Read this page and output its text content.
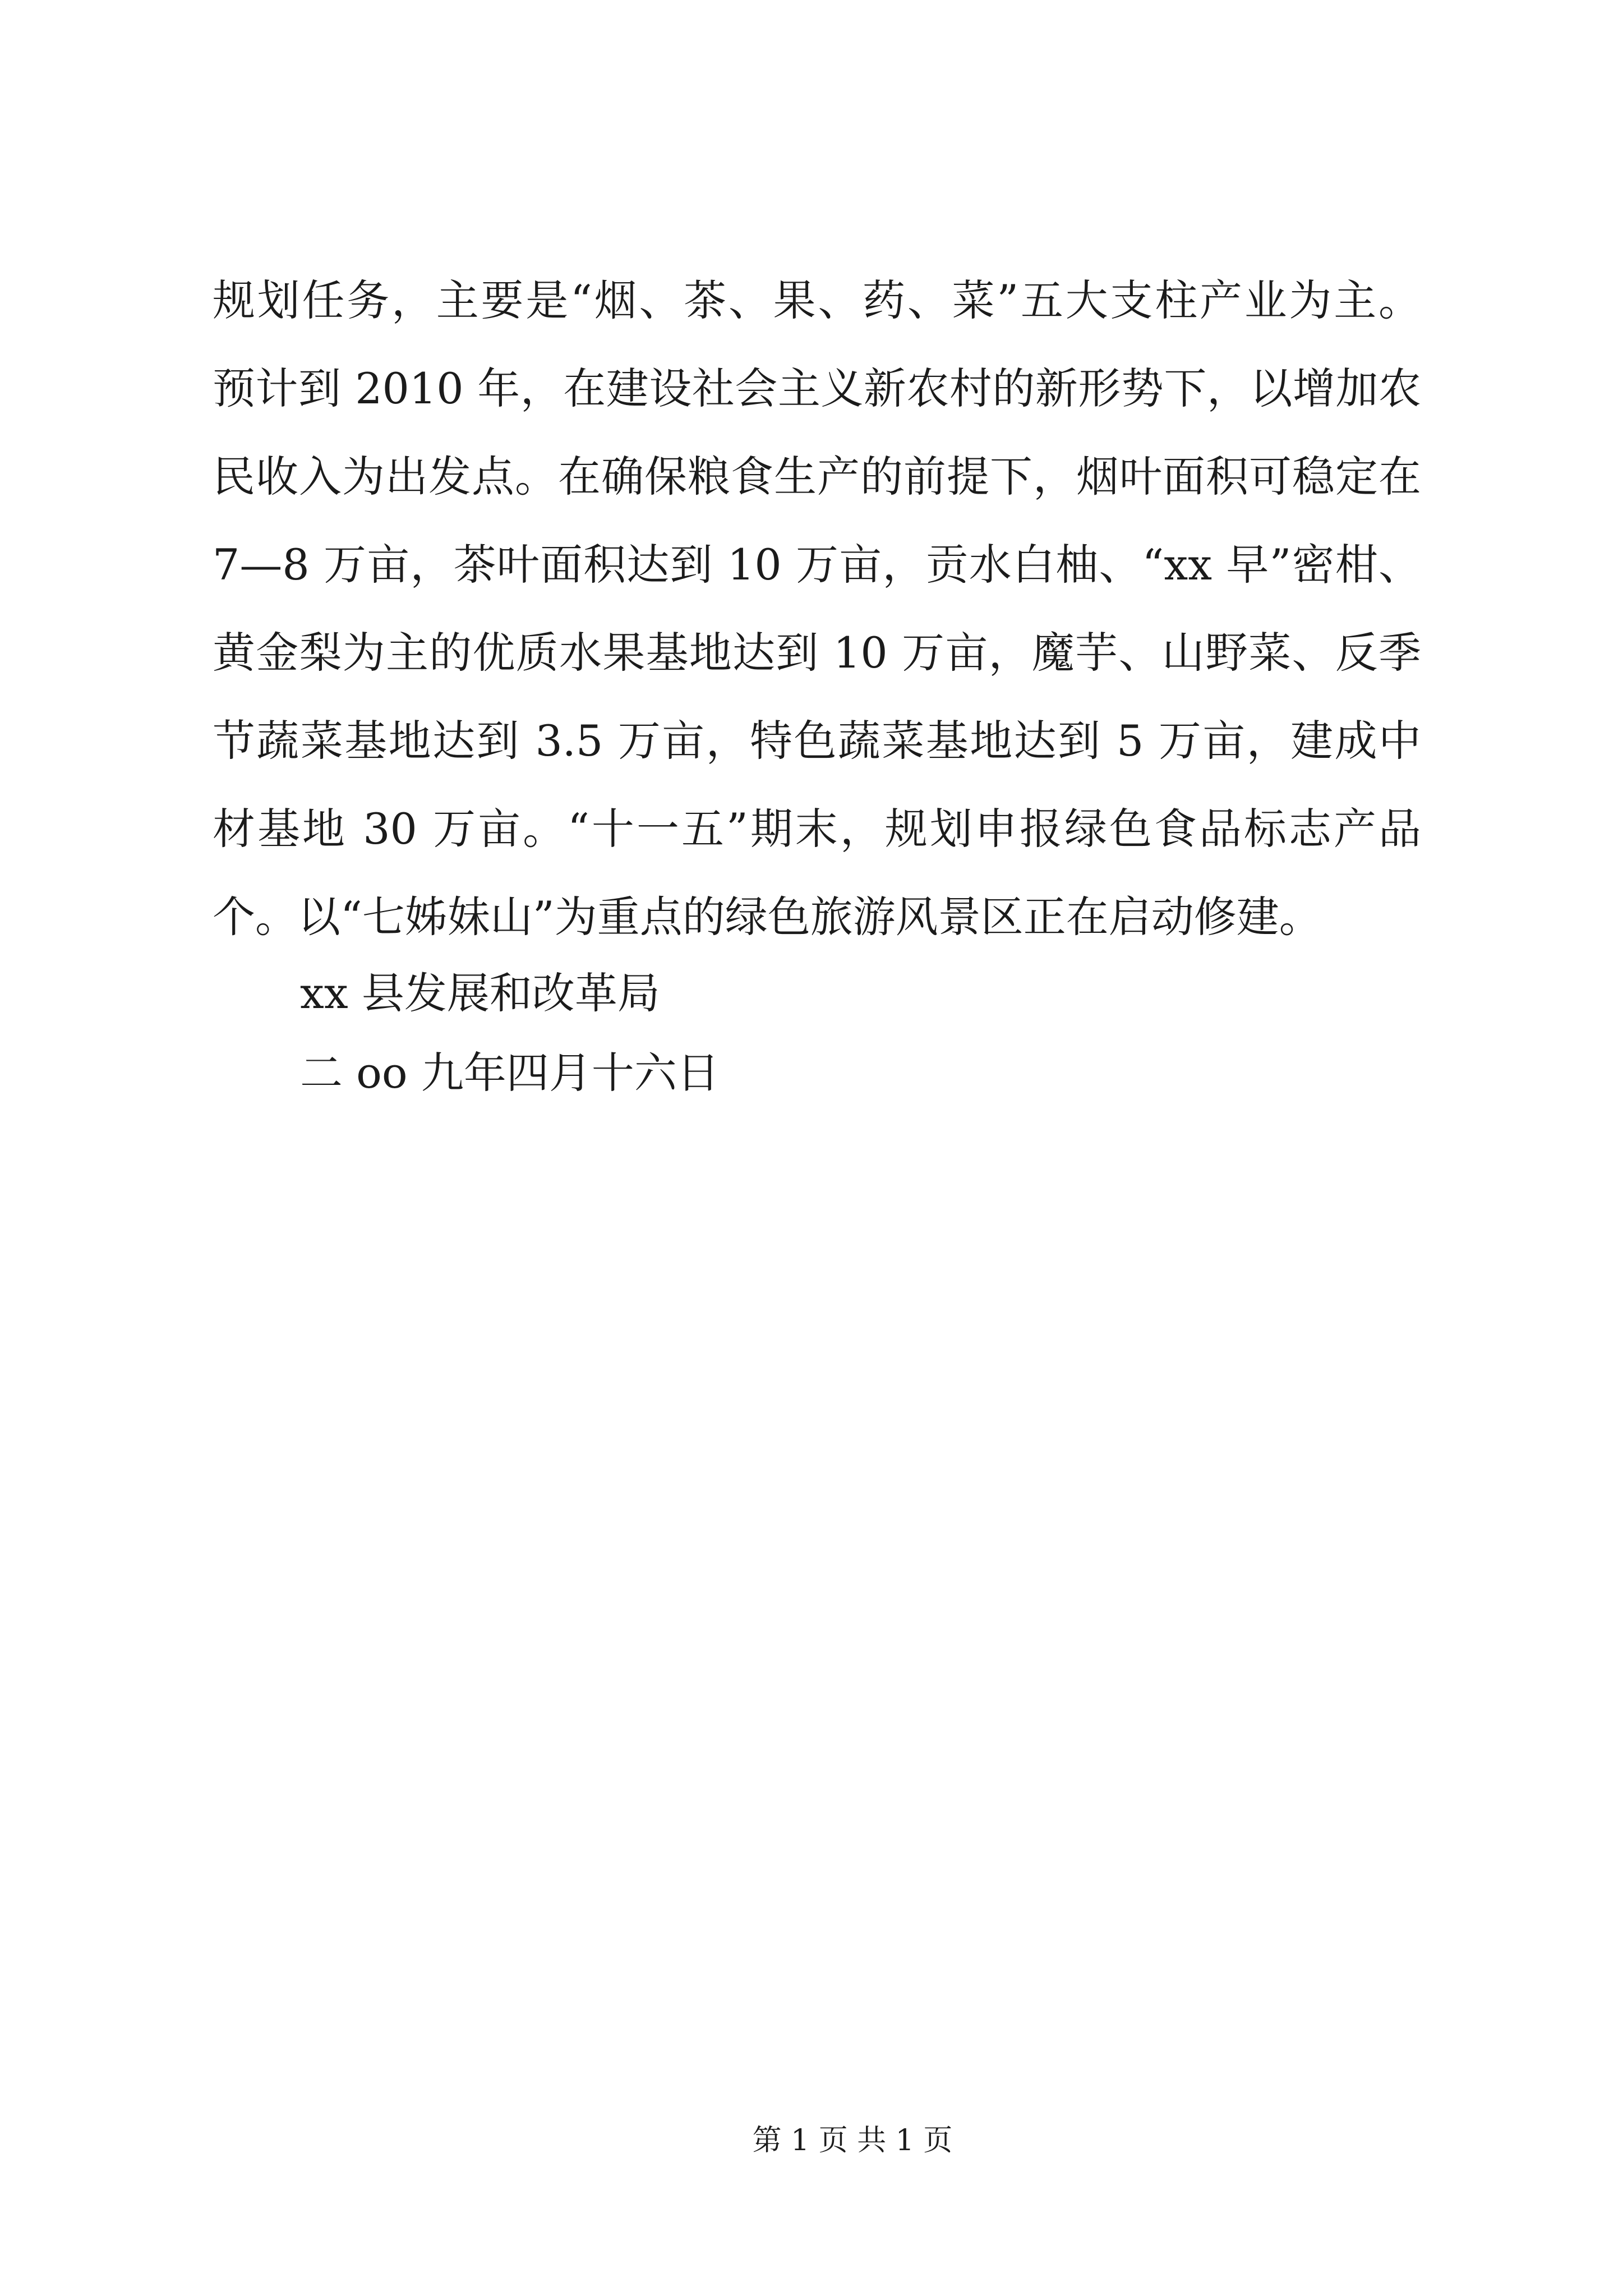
规划任务，主要是“烟、茶、果、药、菜”五大支柱产业为主。
预计到 2010 年，在建设社会主义新农村的新形势下，以增加农
民收入为出发点。在确保粮食生产的前提下，烟叶面积可稳定在
7—8 万亩，茶叶面积达到 10 万亩，贡水白柚、“xx 早”密柑、
黄金梨为主的优质水果基地达到 10 万亩，魔芋、山野菜、反季
节蔬菜基地达到 3.5 万亩，特色蔬菜基地达到 5 万亩，建成中
材基地 30 万亩。“十一五”期末，规划申报绿色食品标志产品
个。以“七姊妹山”为重点的绿色旅游风景区正在启动修建。
xx 县发展和改革局
二 oo 九年四月十六日
第 1 页 共 1 页
